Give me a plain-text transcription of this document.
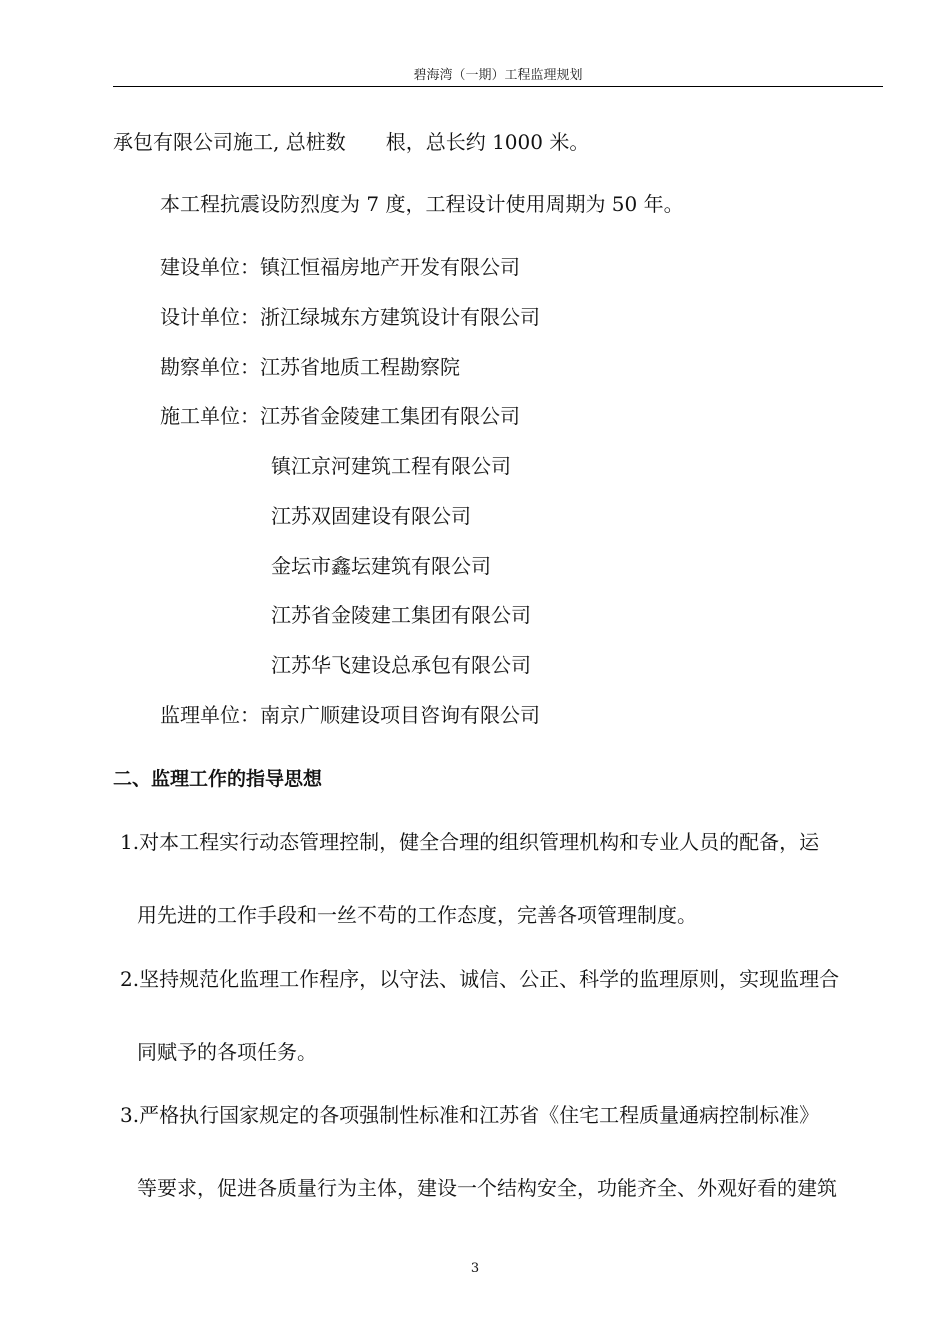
碧海湾（一期）工程监理规划
承包有限公司施工, 总桩数　　根，总长约 1000 米。
本工程抗震设防烈度为 7 度，工程设计使用周期为 50 年。
建设单位：镇江恒福房地产开发有限公司
设计单位：浙江绿城东方建筑设计有限公司
勘察单位：江苏省地质工程勘察院
施工单位：江苏省金陵建工集团有限公司
镇江京河建筑工程有限公司
江苏双固建设有限公司
金坛市鑫坛建筑有限公司
江苏省金陵建工集团有限公司
江苏华飞建设总承包有限公司
监理单位：南京广顺建设项目咨询有限公司
二、监理工作的指导思想
1.对本工程实行动态管理控制，健全合理的组织管理机构和专业人员的配备，运
用先进的工作手段和一丝不苟的工作态度，完善各项管理制度。
2.坚持规范化监理工作程序，以守法、诚信、公正、科学的监理原则，实现监理合
同赋予的各项任务。
3.严格执行国家规定的各项强制性标准和江苏省《住宅工程质量通病控制标准》
等要求，促进各质量行为主体，建设一个结构安全，功能齐全、外观好看的建筑
3
